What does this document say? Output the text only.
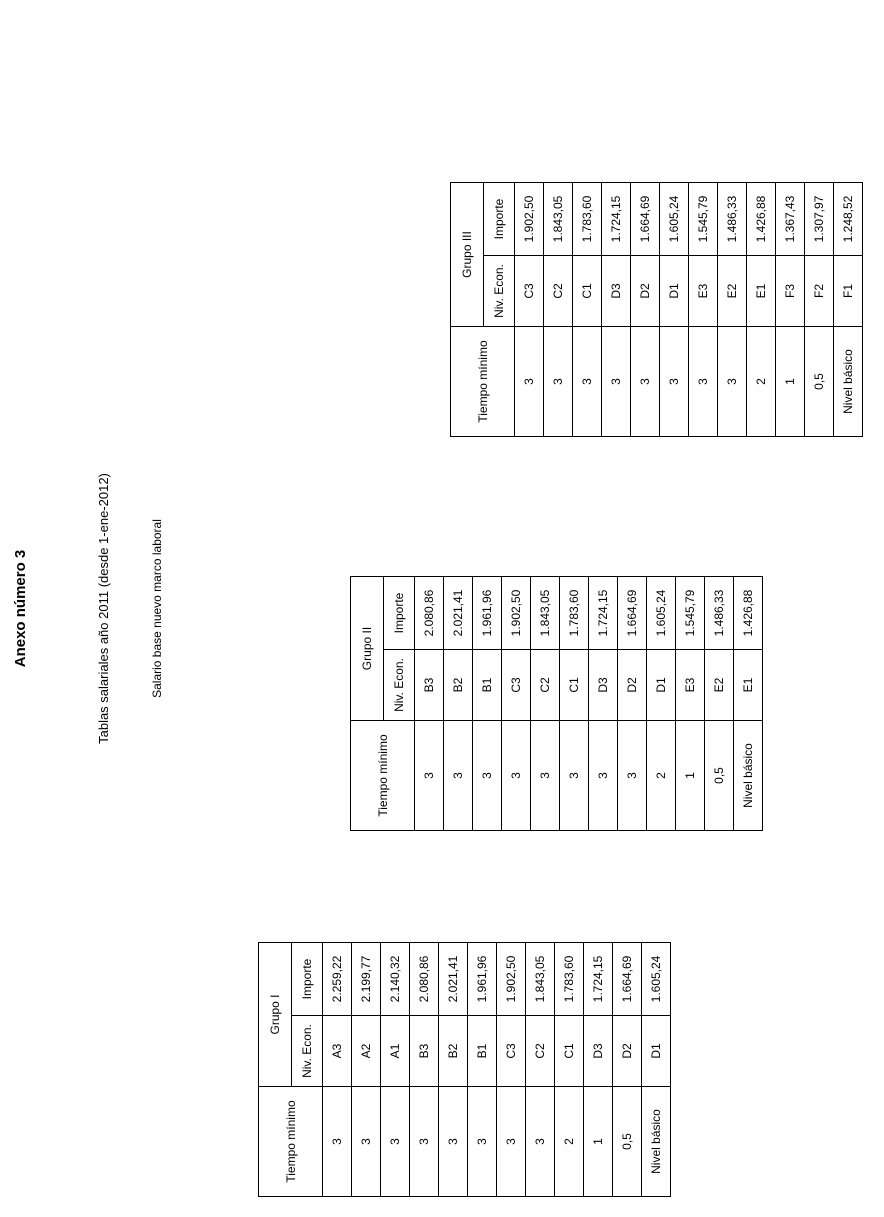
Anexo número 3	Tablas salariales año 2011 (desde 1-ene-2012)	Salario base nuevo marco laboral
Tiempo mínimo	Grupo I	
	Niv. Econ.	Importe
3	A3	2.259,22
3	A2	2.199,77
3	A1	2.140,32
3	B3	2.080,86
3	B2	2.021,41
3	B1	1.961,96
3	C3	1.902,50
3	C2	1.843,05
2	C1	1.783,60
1	D3	1.724,15
0,5	D2	1.664,69
Nivel básico	D1	1.605,24
Tiempo mínimo	Grupo II	
	Niv. Econ.	Importe
3	B3	2.080,86
3	B2	2.021,41
3	B1	1.961,96
3	C3	1.902,50
3	C2	1.843,05
3	C1	1.783,60
3	D3	1.724,15
3	D2	1.664,69
2	D1	1.605,24
1	E3	1.545,79
0,5	E2	1.486,33
Nivel básico	E1	1.426,88
Tiempo mínimo	Grupo III	
	Niv. Econ.	Importe
3	C3	1.902,50
3	C2	1.843,05
3	C1	1.783,60
3	D3	1.724,15
3	D2	1.664,69
3	D1	1.605,24
3	E3	1.545,79
3	E2	1.486,33
2	E1	1.426,88
1	F3	1.367,43
0,5	F2	1.307,97
Nivel básico	F1	1.248,52
